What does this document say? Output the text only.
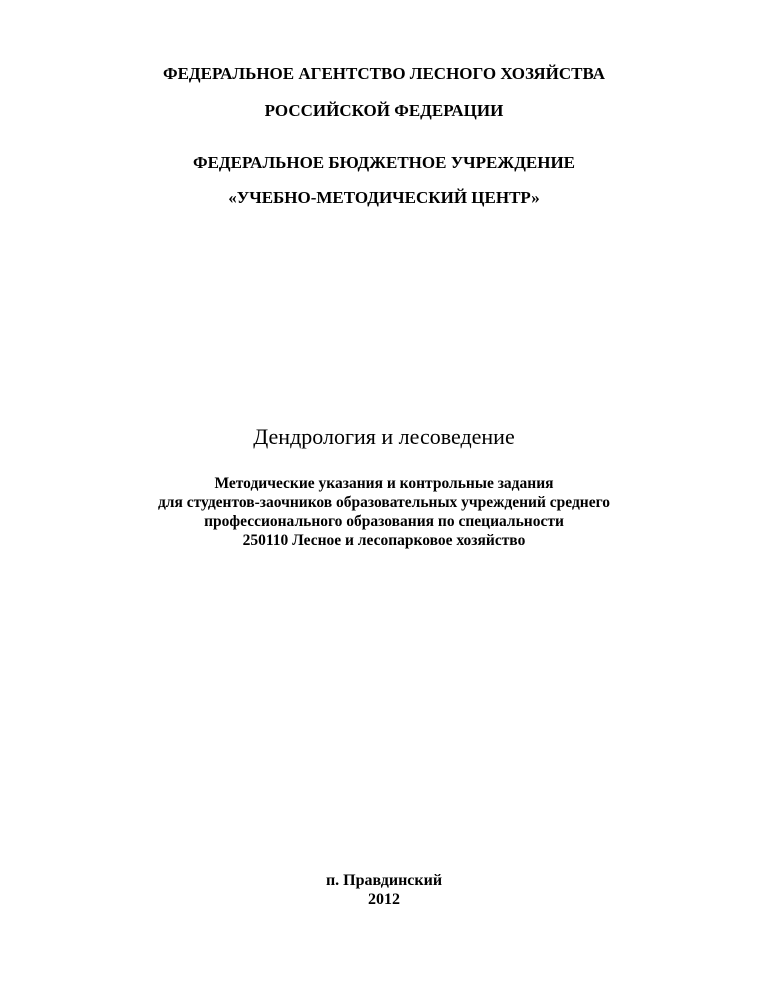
ФЕДЕРАЛЬНОЕ АГЕНТСТВО ЛЕСНОГО ХОЗЯЙСТВА
РОССИЙСКОЙ ФЕДЕРАЦИИ
ФЕДЕРАЛЬНОЕ БЮДЖЕТНОЕ УЧРЕЖДЕНИЕ
«УЧЕБНО-МЕТОДИЧЕСКИЙ ЦЕНТР»
Дендрология и лесоведение
Методические указания и контрольные задания
для студентов-заочников образовательных учреждений среднего
профессионального образования по специальности
250110 Лесное и лесопарковое хозяйство
п. Правдинский
2012
